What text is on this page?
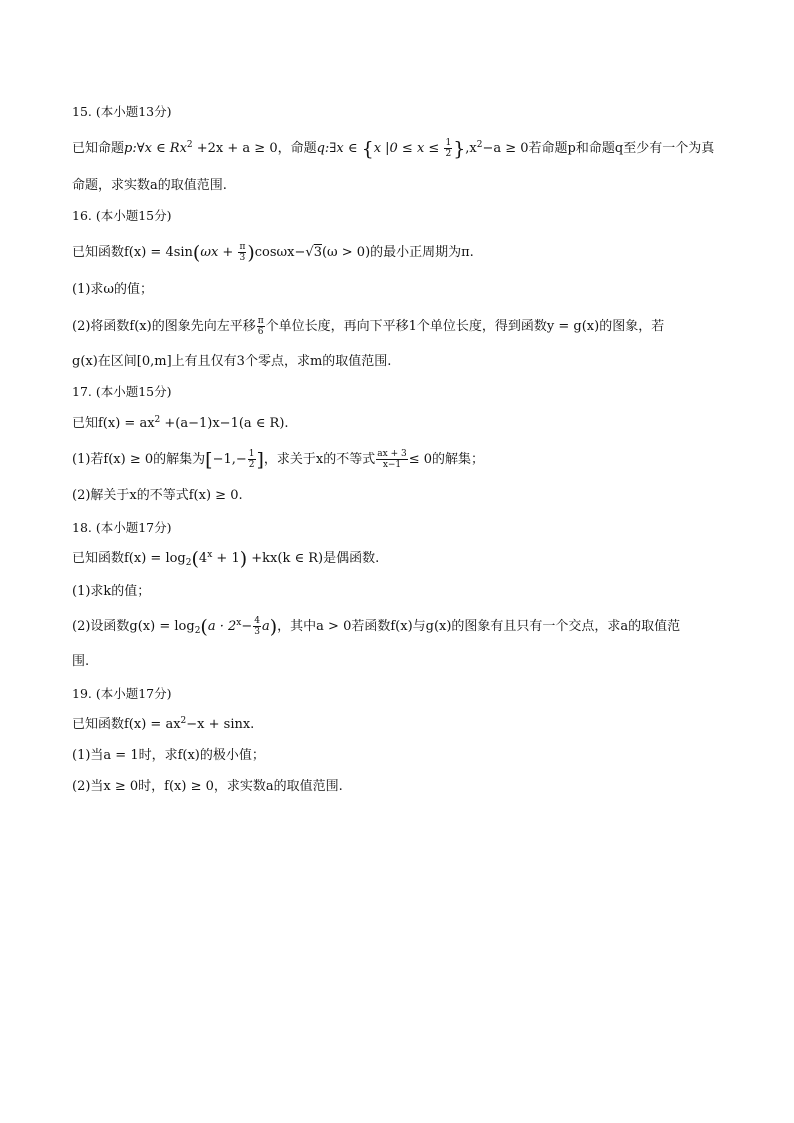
15. (本小题13分)
已知命题p:∀x ∈ $Rx^2 +2x + a \ge 0$，命题q:∃x ∈ {x $|0 \le x \le \frac{1}{2} \},x^2-a \ge 0$若命题p和命题q至少有一个为真
命题，求实数a的取值范围.
16. (本小题15分)
已知函数$f(x) = 4\sin(\omega x + \frac{\pi}{3} )\cos\omega x-√3(\omega > 0)$的最小正周期为π.
(1)求ω的值；
(2)将函数f(x)的图象先向左平移 $\frac{\pi}{6}$ 个单位长度，再向下平移1个单位长度，得到函数y = g(x)的图象，若
g(x)在区间[0,m]上有且仅有3个零点，求m的取值范围.
17. (本小题15分)
已知$f(x) = ax^2 +(a-1)x-1(a$ ∈ R).
(1)若f(x) ≥ 0的解集为[$-1,- \frac{1}{2}$ ]，求关于x的不等式 $\frac{ax + 3}{x-1} \le 0$的解集；
(2)解关于x的不等式f(x) ≥ 0.
18. (本小题17分)
已知函数$f(x) = \log_2(4^x + 1) +kx(k$ ∈ R)是偶函数.
(1)求k的值；
(2)设函数$g(x) = \log_2(a \cdot 2^x- \frac{4}{3} a)$，其中a > 0若函数f(x)与g(x)的图象有且只有一个交点，求a的取值范
围.
19. (本小题17分)
已知函数$f(x) = ax^2-x + \sin x$.
(1)当a = 1时，求f(x)的极小值；
(2)当x ≥ 0时，f(x) ≥ 0，求实数a的取值范围.
